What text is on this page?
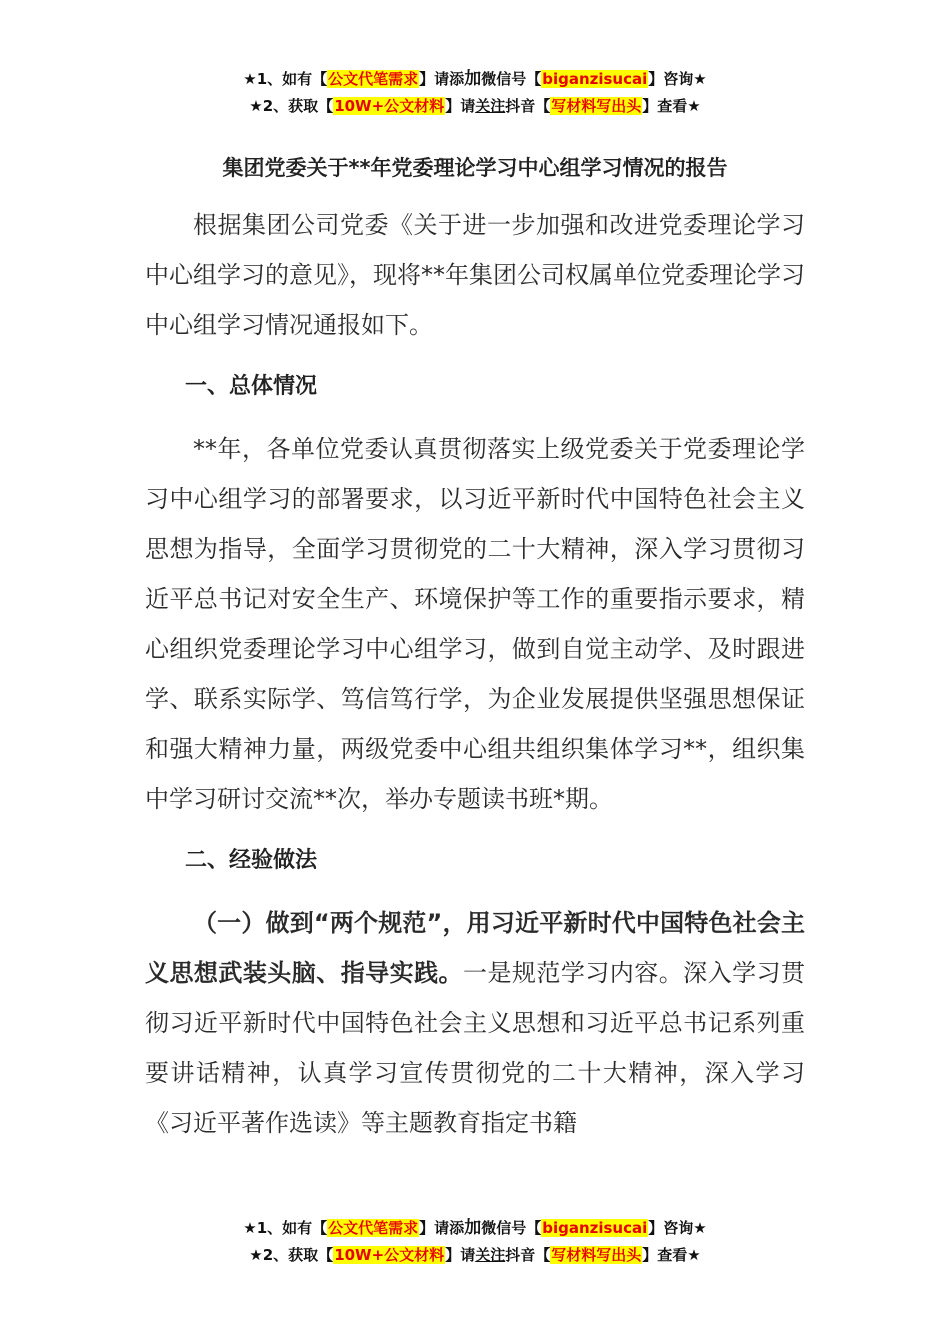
★1、如有【公文代笔需求】请添加微信号【biganzisucai】咨询★
★2、获取【10W+公文材料】请关注抖音【写材料写出头】查看★
集团党委关于**年党委理论学习中心组学习情况的报告

根据集团公司党委《关于进一步加强和改进党委理论学习中心组学习的意见》，现将**年集团公司权属单位党委理论学习中心组学习情况通报如下。

一、总体情况

**年，各单位党委认真贯彻落实上级党委关于党委理论学习中心组学习的部署要求，以习近平新时代中国特色社会主义思想为指导，全面学习贯彻党的二十大精神，深入学习贯彻习近平总书记对安全生产、环境保护等工作的重要指示要求，精心组织党委理论学习中心组学习，做到自觉主动学、及时跟进学、联系实际学、笃信笃行学，为企业发展提供坚强思想保证和强大精神力量，两级党委中心组共组织集体学习**，组织集中学习研讨交流**次，举办专题读书班*期。

二、经验做法

（一）做到“两个规范”，用习近平新时代中国特色社会主义思想武装头脑、指导实践。一是规范学习内容。深入学习贯彻习近平新时代中国特色社会主义思想和习近平总书记系列重要讲话精神，认真学习宣传贯彻党的二十大精神，深入学习《习近平著作选读》等主题教育指定书籍

★1、如有【公文代笔需求】请添加微信号【biganzisucai】咨询★
★2、获取【10W+公文材料】请关注抖音【写材料写出头】查看★
